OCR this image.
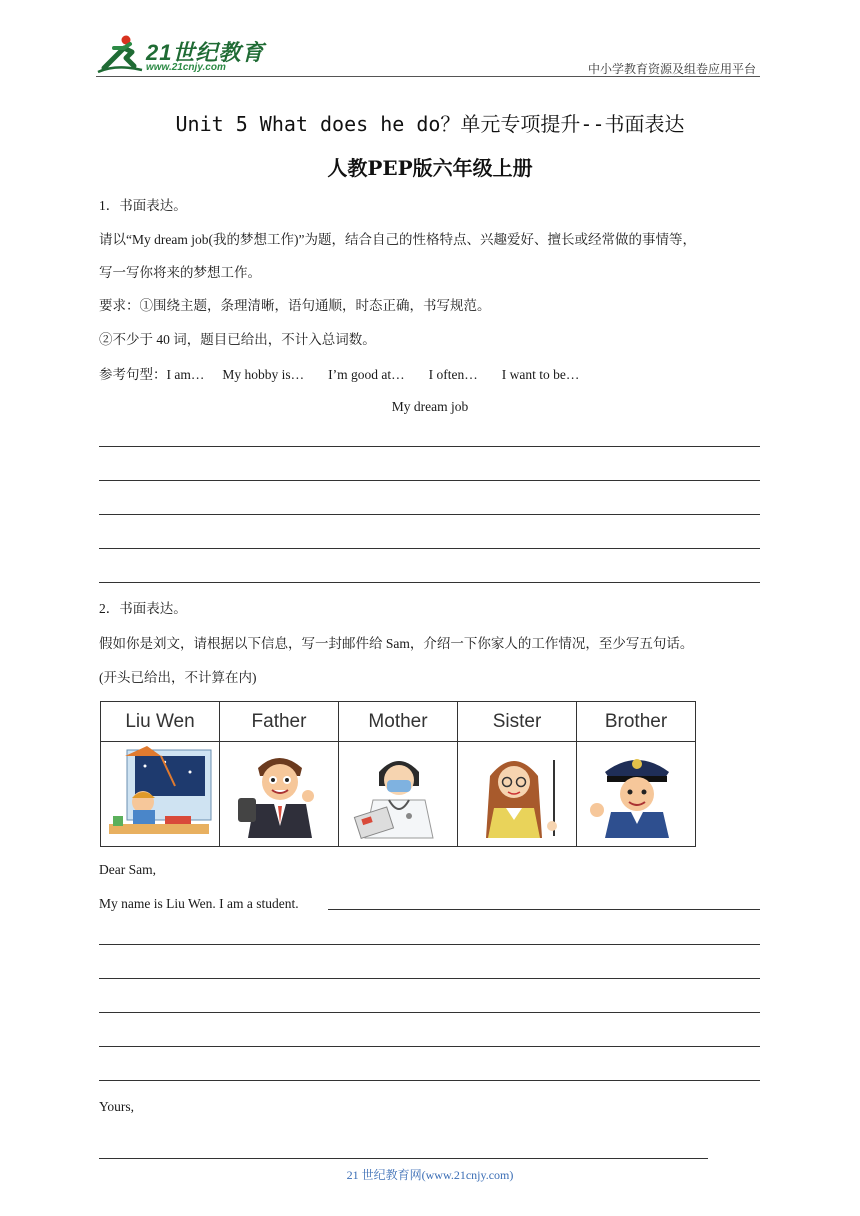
21世纪教育
www.21cnjy.com	中小学教育资源及组卷应用平台
Unit 5 What does he do？单元专项提升--书面表达
人教PEP版六年级上册
1．书面表达。
请以“My dream job(我的梦想工作)”为题，结合自己的性格特点、兴趣爱好、擅长或经常做的事情等，
写一写你将来的梦想工作。
要求：①围绕主题，条理清晰，语句通顺，时态正确，书写规范。
②不少于 40 词，题目已给出，不计入总词数。
参考句型：I am… My hobby is… I’m good at… I often… I want to be…
My dream job
2．书面表达。
假如你是刘文，请根据以下信息，写一封邮件给 Sam，介绍一下你家人的工作情况，至少写五句话。
(开头已给出，不计算在内)
Liu Wen	Father	Mother	Sister	Brother

Dear Sam,
My name is Liu Wen. I am a student.
Yours,
21 世纪教育网(www.21cnjy.com)
